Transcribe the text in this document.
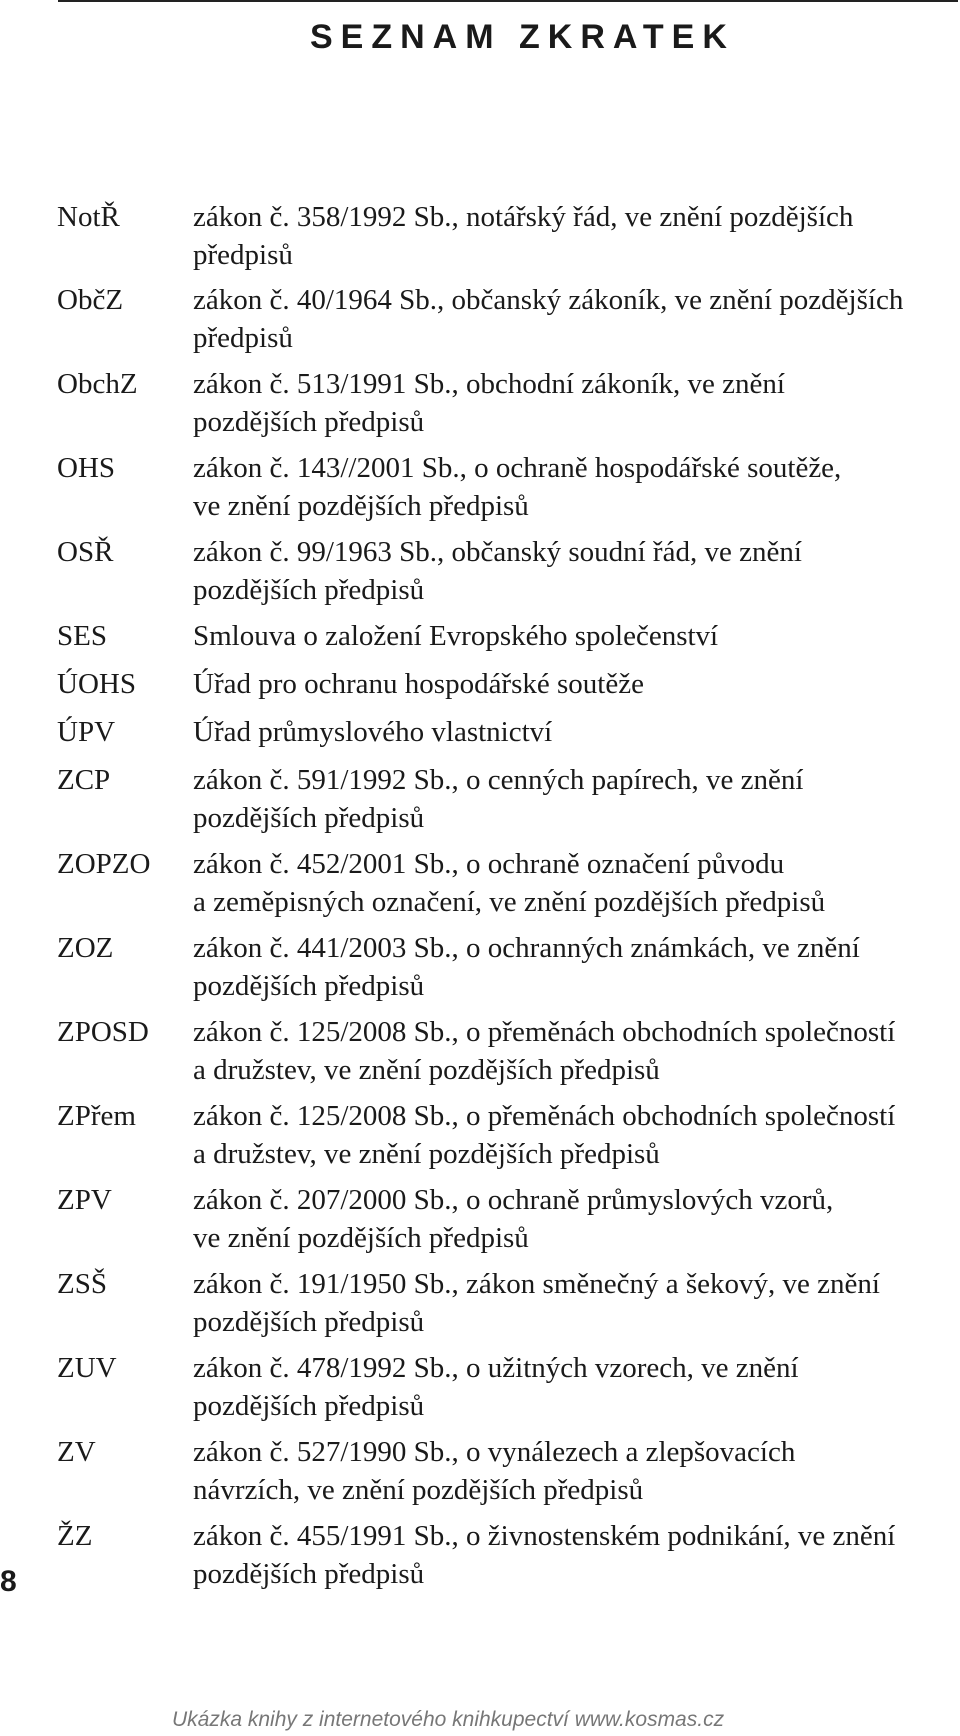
SEZNAM ZKRATEK
NotŘ	zákon č. 358/1992 Sb., notářský řád, ve znění pozdějších
předpisů
ObčZ zákon č. 40/1964 Sb., občanský zákoník, ve znění pozdějších
předpisů
ObchZ zákon č. 513/1991 Sb., obchodní zákoník, ve znění
pozdějších předpisů
OHS	zákon č. 143//2001 Sb., o ochraně hospodářské soutěže,
ve znění pozdějších předpisů
OSŘ	zákon č. 99/1963 Sb., občanský soudní řád, ve znění
pozdějších předpisů
SES	Smlouva o založení Evropského společenství
ÚOHS Úřad pro ochranu hospodářské soutěže
ÚPV	Úřad průmyslového vlastnictví
ZCP	zákon č. 591/1992 Sb., o cenných papírech, ve znění
pozdějších předpisů
ZOPZO zákon č. 452/2001 Sb., o ochraně označení původu
a zeměpisných označení, ve znění pozdějších předpisů
ZOZ	zákon č. 441/2003 Sb., o ochranných známkách, ve znění
pozdějších předpisů
ZPOSD zákon č. 125/2008 Sb., o přeměnách obchodních společností
a družstev, ve znění pozdějších předpisů
ZPřem zákon č. 125/2008 Sb., o přeměnách obchodních společností
a družstev, ve znění pozdějších předpisů
ZPV	zákon č. 207/2000 Sb., o ochraně průmyslových vzorů,
ve znění pozdějších předpisů
ZSŠ	zákon č. 191/1950 Sb., zákon směnečný a šekový, ve znění
pozdějších předpisů
ZUV	zákon č. 478/1992 Sb., o užitných vzorech, ve znění
pozdějších předpisů
ZV	zákon č. 527/1990 Sb., o vynálezech a zlepšovacích
návrzích, ve znění pozdějších předpisů
ŽZ	zákon č. 455/1991 Sb., o živnostenském podnikání, ve znění
pozdějších předpisů
8
Ukázka knihy z internetového knihkupectví www.kosmas.cz
